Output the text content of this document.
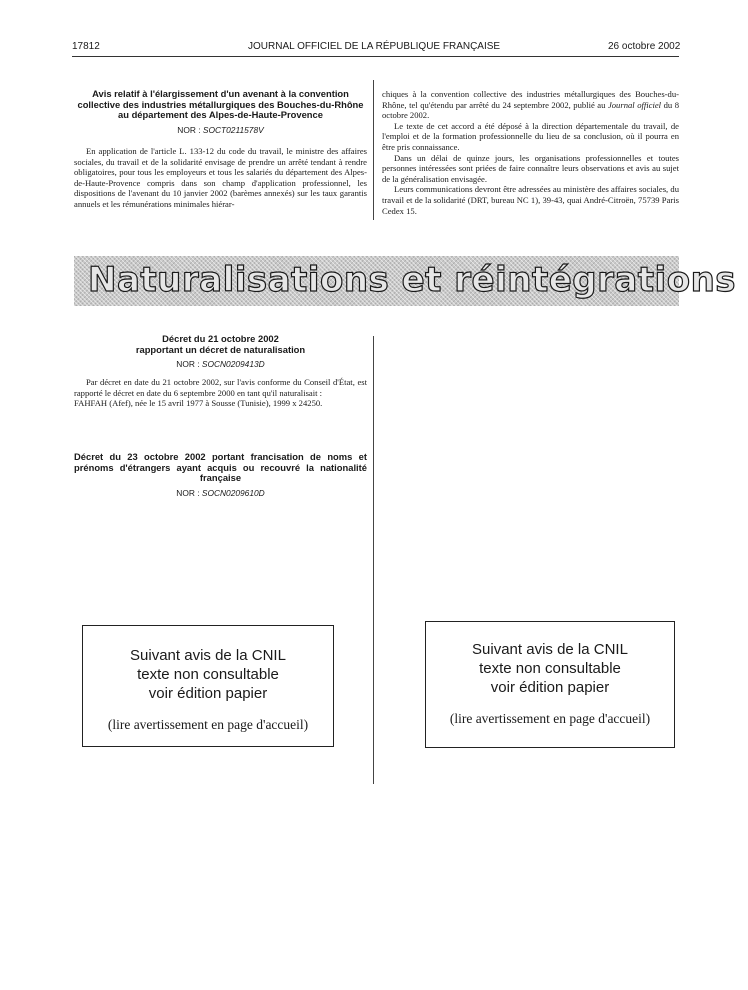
17812	JOURNAL OFFICIEL DE LA RÉPUBLIQUE FRANÇAISE	26 octobre 2002
Avis relatif à l'élargissement d'un avenant à la convention collective des industries métallurgiques des Bouches-du-Rhône au département des Alpes-de-Haute-Provence
NOR : SOCT0211578V

En application de l'article L. 133-12 du code du travail, le ministre des affaires sociales, du travail et de la solidarité envisage de prendre un arrêté tendant à rendre obligatoires, pour tous les employeurs et tous les salariés du département des Alpes-de-Haute-Provence compris dans son champ d'application professionnel, les dispositions de l'avenant du 10 janvier 2002 (barèmes annexés) sur les taux garantis annuels et les rémunérations minimales hiérar-

chiques à la convention collective des industries métallurgiques des Bouches-du-Rhône, tel qu'étendu par arrêté du 24 septembre 2002, publié au Journal officiel du 8 octobre 2002.

Le texte de cet accord a été déposé à la direction départementale du travail, de l'emploi et de la formation professionnelle du lieu de sa conclusion, où il pourra en être pris connaissance.

Dans un délai de quinze jours, les organisations professionnelles et toutes personnes intéressées sont priées de faire connaître leurs observations et avis au sujet de la généralisation envisagée.

Leurs communications devront être adressées au ministère des affaires sociales, du travail et de la solidarité (DRT, bureau NC 1), 39-43, quai André-Citroën, 75739 Paris Cedex 15.

Naturalisations et réintégrations
Décret du 21 octobre 2002
rapportant un décret de naturalisation
NOR : SOCN0209413D

Par décret en date du 21 octobre 2002, sur l'avis conforme du Conseil d'État, est rapporté le décret en date du 6 septembre 2000 en tant qu'il naturalisait :

FAHFAH (Afef), née le 15 avril 1977 à Sousse (Tunisie), 1999 x 24250.

Décret du 23 octobre 2002 portant francisation de noms et prénoms d'étrangers ayant acquis ou recouvré la nationalité française
NOR : SOCN0209610D
Suivant avis de la CNIL
texte non consultable
voir édition papier
(lire avertissement en page d'accueil)
Suivant avis de la CNIL
texte non consultable
voir édition papier
(lire avertissement en page d'accueil)
